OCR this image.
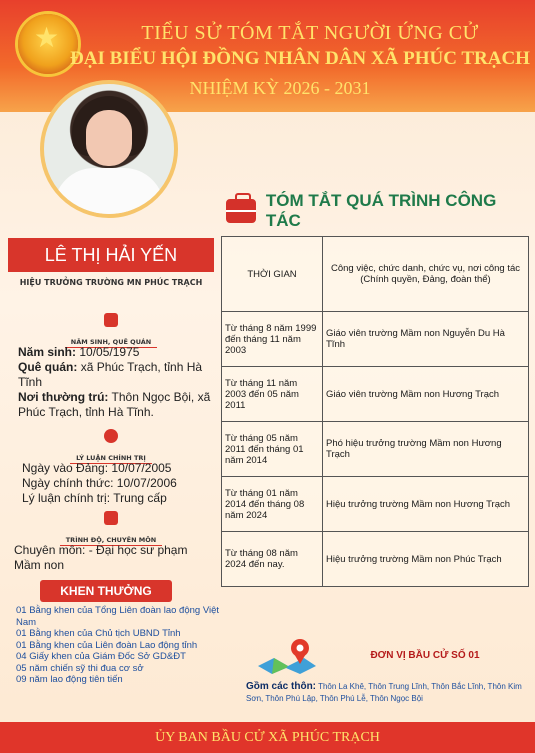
★	TIỂU SỬ TÓM TẮT NGƯỜI ỨNG CỬ
ĐẠI BIỂU HỘI ĐỒNG NHÂN DÂN XÃ PHÚC TRẠCH
NHIỆM KỲ 2026 - 2031
TÓM TẮT QUÁ TRÌNH CÔNG TÁC
LÊ THỊ HẢI YẾN
HIỆU TRƯỞNG TRƯỜNG MN PHÚC TRẠCH
NĂM SINH, QUÊ QUÁN
Năm sinh: 10/05/1975
Quê quán: xã Phúc Trạch, tỉnh Hà Tĩnh
Nơi thường trú: Thôn Ngọc Bội, xã Phúc Trạch, tỉnh Hà Tĩnh.
LÝ LUẬN CHÍNH TRỊ
Ngày vào Đảng: 10/07/2005
Ngày chính thức: 10/07/2006
Lý luận chính trị: Trung cấp
TRÌNH ĐỘ, CHUYÊN MÔN
Chuyên môn: - Đại học sư phạm Mầm non
KHEN THƯỞNG
01 Bằng khen của Tổng Liên đoàn lao động Việt Nam
01 Bằng khen của Chủ tịch UBND Tỉnh
01 Bằng khen của Liên đoàn Lao động tỉnh
04 Giấy khen của Giám Đốc Sở GD&ĐT
05 năm chiến sỹ thi đua cơ sở
09 năm lao động tiên tiến
THỜI GIAN	Công việc, chức danh, chức vụ, nơi công tác (Chính quyền, Đảng, đoàn thể)
Từ tháng 8 năm 1999 đến tháng 11 năm 2003	Giáo viên trường Mầm non Nguyễn Du Hà Tĩnh
Từ tháng 11 năm 2003 đến 05 năm 2011	Giáo viên trường Mầm non Hương Trạch
Từ tháng 05 năm 2011 đến tháng 01 năm 2014	Phó hiệu trưởng trường Mầm non Hương Trạch
Từ tháng 01 năm 2014 đến tháng 08 năm 2024	Hiệu trưởng trường Mầm non Hương Trạch
Từ tháng 08 năm 2024 đến nay.	Hiệu trưởng trường Mầm non Phúc Trạch
ĐƠN VỊ BẦU CỬ SỐ 01
Gồm các thôn: Thôn La Khê, Thôn Trung Lĩnh, Thôn Bắc Lĩnh, Thôn Kim Sơn, Thôn Phú Lập, Thôn Phú Lễ, Thôn Ngọc Bội
ỦY BAN BẦU CỬ XÃ PHÚC TRẠCH
